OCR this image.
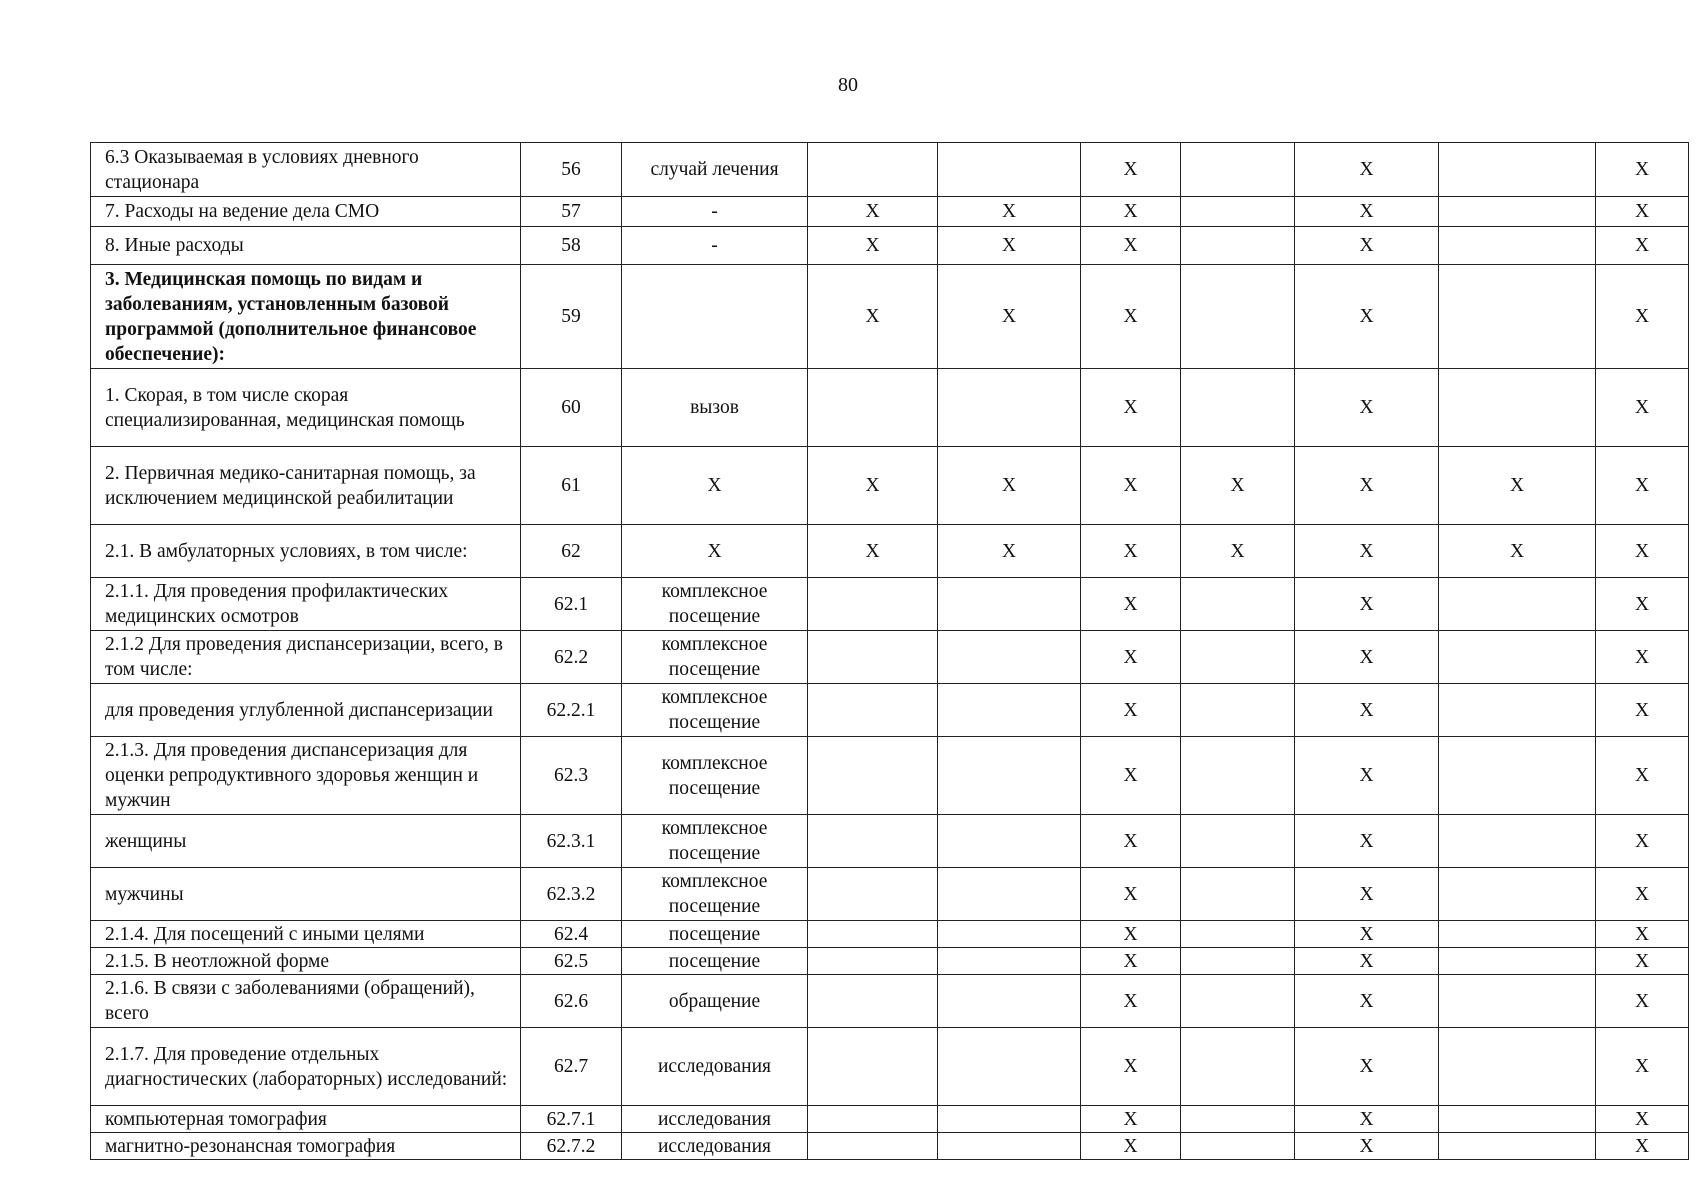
80
6.3 Оказываемая в условиях дневного стационара	56	случай лечения			X		X		X
7. Расходы на ведение дела СМО	57	-	X	X	X		X		X
8. Иные расходы	58	-	X	X	X		X		X
3. Медицинская помощь по видам и заболеваниям, установленным базовой программой (дополнительное финансовое обеспечение):	59		X	X	X		X		X
1. Скорая, в том числе скорая специализированная, медицинская помощь	60	вызов			X		X		X
2. Первичная медико-санитарная помощь, за исключением медицинской реабилитации	61	X	X	X	X	X	X	X	X
2.1. В амбулаторных условиях, в том числе:	62	X	X	X	X	X	X	X	X
2.1.1. Для проведения профилактических медицинских осмотров	62.1	комплексное посещение			X		X		X
2.1.2 Для проведения диспансеризации, всего, в том числе:	62.2	комплексное посещение			X		X		X
для проведения углубленной диспансеризации	62.2.1	комплексное посещение			X		X		X
2.1.3. Для проведения диспансеризация для оценки репродуктивного здоровья женщин и мужчин	62.3	комплексное посещение			X		X		X
женщины	62.3.1	комплексное посещение			X		X		X
мужчины	62.3.2	комплексное посещение			X		X		X
2.1.4. Для посещений с иными целями	62.4	посещение			X		X		X
2.1.5. В неотложной форме	62.5	посещение			X		X		X
2.1.6. В связи с заболеваниями (обращений), всего	62.6	обращение			X		X		X
2.1.7. Для проведение отдельных диагностических (лабораторных) исследований:	62.7	исследования			X		X		X
компьютерная томография	62.7.1	исследования			X		X		X
магнитно-резонансная томография	62.7.2	исследования			X		X		X
